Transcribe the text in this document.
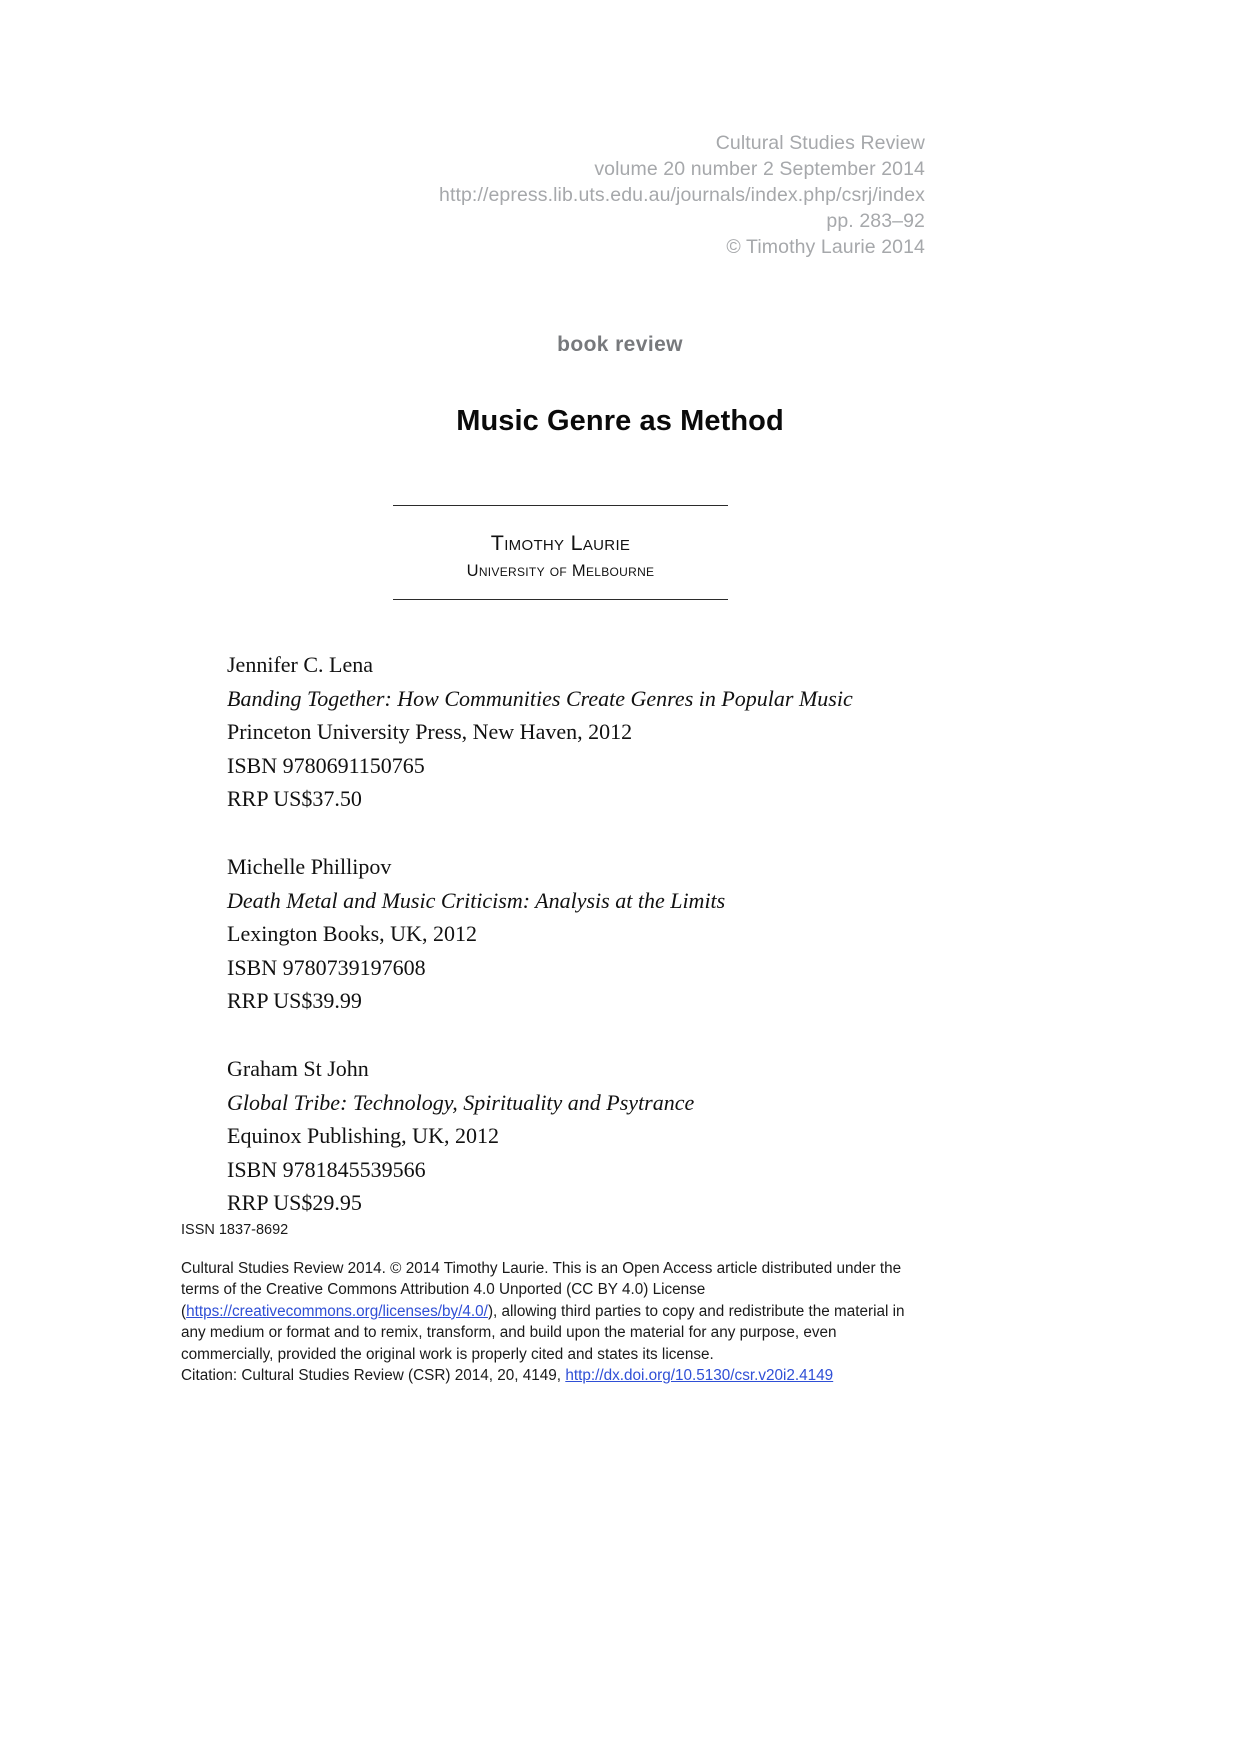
Cultural Studies Review
volume 20 number 2 September 2014
http://epress.lib.uts.edu.au/journals/index.php/csrj/index
pp. 283–92
© Timothy Laurie 2014
book review
Music Genre as Method
Timothy Laurie
University of Melbourne
Jennifer C. Lena
Banding Together: How Communities Create Genres in Popular Music
Princeton University Press, New Haven, 2012
ISBN 9780691150765
RRP US$37.50
Michelle Phillipov
Death Metal and Music Criticism: Analysis at the Limits
Lexington Books, UK, 2012
ISBN 9780739197608
RRP US$39.99
Graham St John
Global Tribe: Technology, Spirituality and Psytrance
Equinox Publishing, UK, 2012
ISBN 9781845539566
RRP US$29.95
ISSN 1837-8692
Cultural Studies Review 2014. © 2014 Timothy Laurie. This is an Open Access article distributed under the terms of the Creative Commons Attribution 4.0 Unported (CC BY 4.0) License
(https://creativecommons.org/licenses/by/4.0/), allowing third parties to copy and redistribute the material in any medium or format and to remix, transform, and build upon the material for any purpose, even commercially, provided the original work is properly cited and states its license.
Citation: Cultural Studies Review (CSR) 2014, 20, 4149, http://dx.doi.org/10.5130/csr.v20i2.4149
